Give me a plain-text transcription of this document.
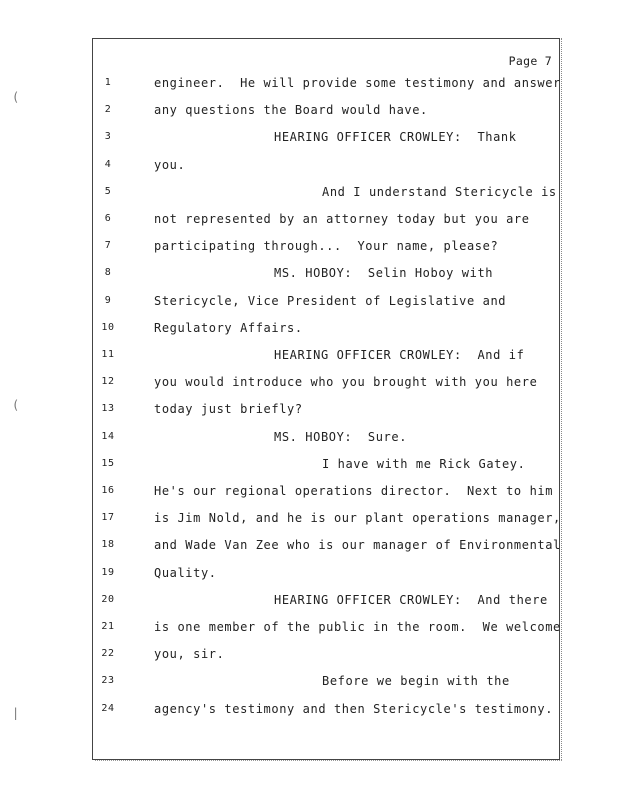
(
(
|
Page 7
1	engineer.  He will provide some testimony and answer
2	any questions the Board would have.
3	HEARING OFFICER CROWLEY:  Thank
4	you.
5	And I understand Stericycle is
6	not represented by an attorney today but you are
7	participating through...  Your name, please?
8	MS. HOBOY:  Selin Hoboy with
9	Stericycle, Vice President of Legislative and
10	Regulatory Affairs.
11	HEARING OFFICER CROWLEY:  And if
12	you would introduce who you brought with you here
13	today just briefly?
14	MS. HOBOY:  Sure.
15	I have with me Rick Gatey.
16	He's our regional operations director.  Next to him
17	is Jim Nold, and he is our plant operations manager,
18	and Wade Van Zee who is our manager of Environmental
19	Quality.
20	HEARING OFFICER CROWLEY:  And there
21	is one member of the public in the room.  We welcome
22	you, sir.
23	Before we begin with the
24	agency's testimony and then Stericycle's testimony.
